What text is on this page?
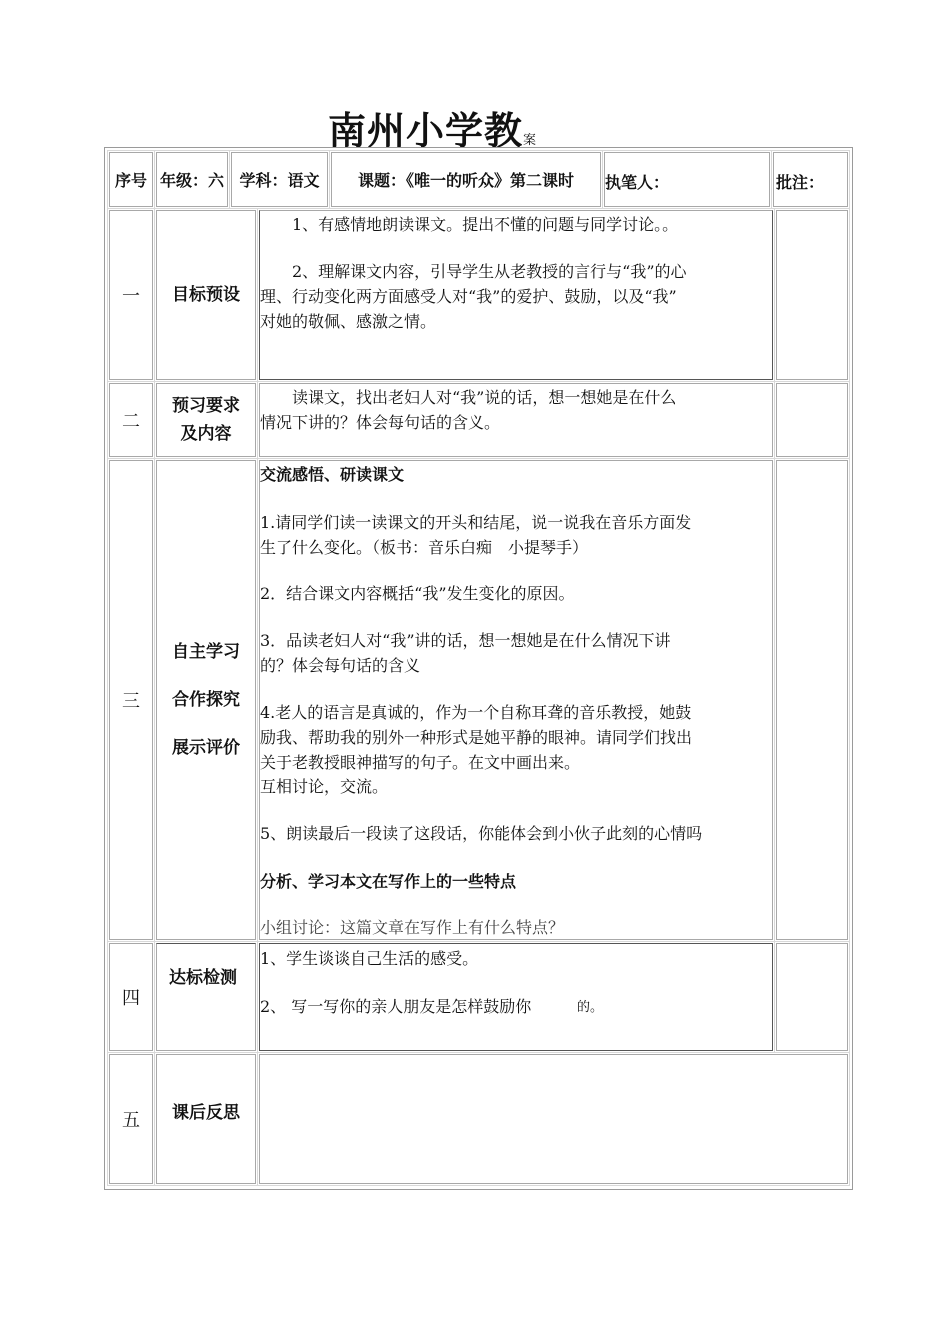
南州小学教案
序号 年级：六 学科：语文 课题：《唯一的听众》第二课时 执笔人：	批注：
一 目标预设
　　1、有感情地朗读课文。提出不懂的问题与同学讨论。。
　　2、理解课文内容，引导学生从老教授的言行与“我”的心
理、行动变化两方面感受人对“我”的爱护、鼓励，以及“我”
对她的敬佩、感激之情。
二
预习要求
及内容
　　读课文，找出老妇人对“我”说的话，想一想她是在什么
情况下讲的？体会每句话的含义。
三
自主学习
合作探究
展示评价
交流感悟、研读课文
1.请同学们读一读课文的开头和结尾，说一说我在音乐方面发
生了什么变化。（板书：音乐白痴　小提琴手）
2．结合课文内容概括“我”发生变化的原因。
3．品读老妇人对“我”讲的话，想一想她是在什么情况下讲
的？体会每句话的含义
4.老人的语言是真诚的，作为一个自称耳聋的音乐教授，她鼓
励我、帮助我的别外一种形式是她平静的眼神。请同学们找出
关于老教授眼神描写的句子。在文中画出来。
互相讨论，交流。
5、朗读最后一段读了这段话，你能体会到小伙子此刻的心情吗
分析、学习本文在写作上的一些特点
小组讨论：这篇文章在写作上有什么特点？
四
达标检测
1、学生谈谈自己生活的感受。
2、 写一写你的亲人朋友是怎样鼓励你	的。
五 课后反思
